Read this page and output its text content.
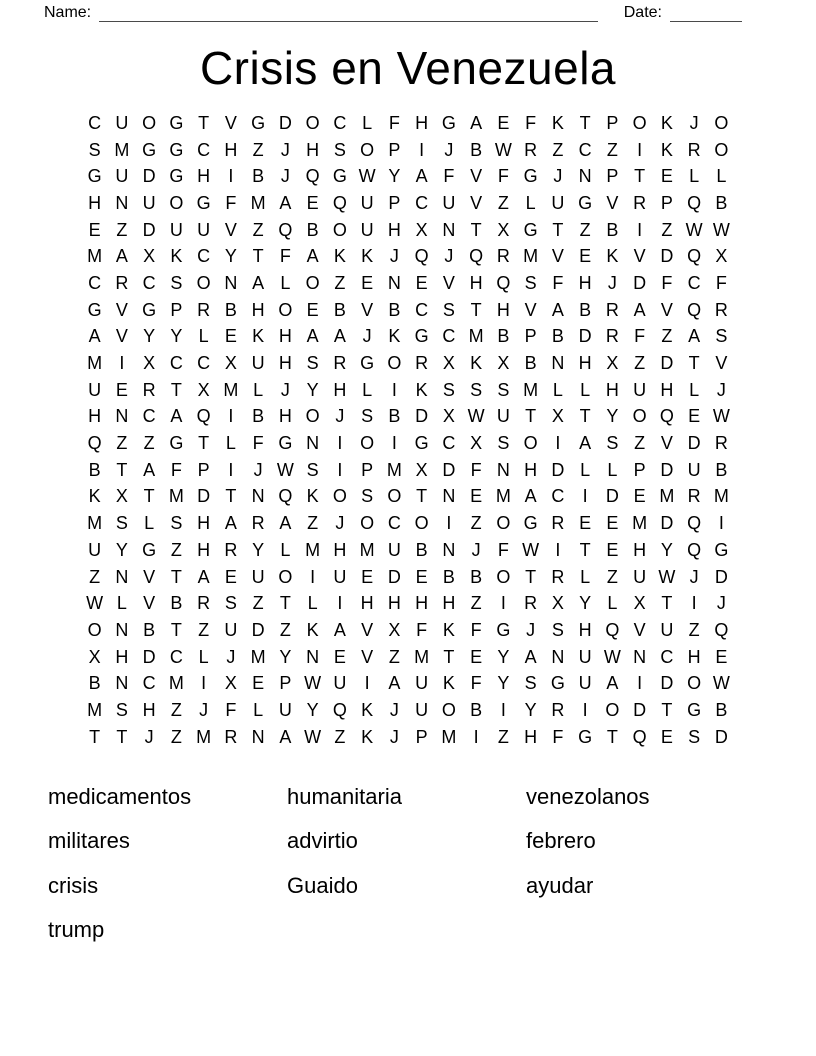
Name:	Date:
Crisis en Venezuela
C U O G T V G D O C L F H G A E F K T P O K J O
S M G G C H Z J H S O P	I	J B W R Z C Z	I	K R O
G U D G H	I	B J Q G W Y A F V F G J N P T E L L
H N U O G F M A E Q U P C U V Z L U G V R P Q B
E Z D U U V Z Q B O U H X N T X G T Z B	I	Z W W
M A X K C Y T F A K K J Q J Q R M V E K V D Q X
C R C S O N A L O Z E N E V H Q S F H J D F C F
G V G P R B H O E B V B C S T H V A B R A V Q R
A V Y Y L E K H A A J K G C M B P B D R F Z A S
M I	X C C X U H S R G O R X K X B N H X Z D T V
U E R T X M L J Y H L	I	K S S S M L L H U H L J
H N C A Q I	B H O J S B D X W U T X T Y O Q E W
Q Z Z G T L F G N	I O I G C X S O I	A S Z V D R
B T A F P	I	J W S	I	P M X D F N H D L L P D U B
K X T M D T N Q K O S O T N E M A C	I	D E M R M
M S L S H A R A Z J O C O I	Z O G R E E M D Q I
U Y G Z H R Y L M H M U B N J F W I	T E H Y Q G
Z N V T A E U O I	U E D E B B O T R L Z U W J D
W L V B R S Z T L	I	H H H H Z	I	R X Y L X T	I	J
O N B T Z U D Z K A V X F K F G J S H Q V U Z Q
X H D C L J M Y N E V Z M T E Y A N U W N C H E
B N C M I	X E P W U	I	A U K F Y S G U A	I	D O W
M S H Z J F L U Y Q K J U O B	I	Y R	I O D T G B
T T J Z M R N A W Z K J P M I	Z H F G T Q E S D
medicamentos
militares
crisis
trump
humanitaria
advirtio
Guaido
venezolanos
febrero
ayudar
